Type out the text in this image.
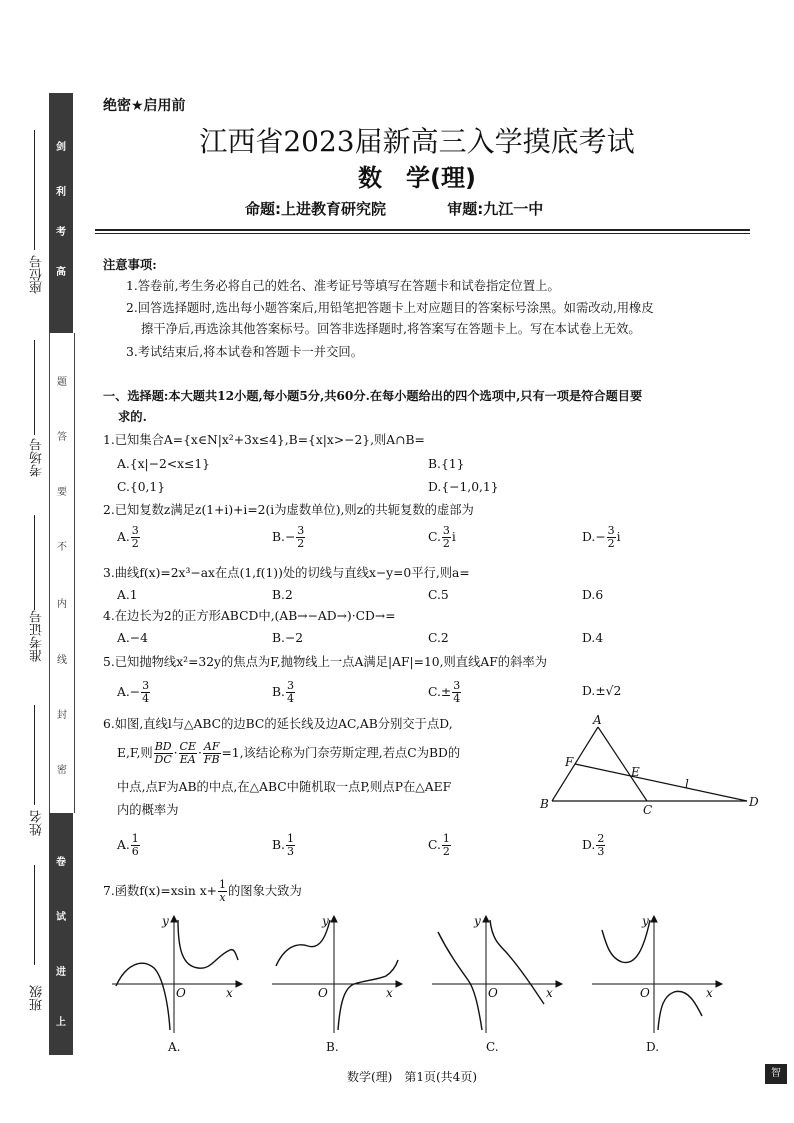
剑
利
考
高
题
答
要
不
内
线
封
密
卷
试
进
上
座位号
考场号
准考证号
姓名
班级
绝密★启用前
江西省2023届新高三入学摸底考试
数　学(理)
命题:上进教育研究院	审题:九江一中
注意事项:
1.答卷前,考生务必将自己的姓名、准考证号等填写在答题卡和试卷指定位置上。
2.回答选择题时,选出每小题答案后,用铅笔把答题卡上对应题目的答案标号涂黑。如需改动,用橡皮
擦干净后,再选涂其他答案标号。回答非选择题时,将答案写在答题卡上。写在本试卷上无效。
3.考试结束后,将本试卷和答题卡一并交回。
一、选择题:本大题共12小题,每小题5分,共60分.在每小题给出的四个选项中,只有一项是符合题目要
求的.
1.已知集合A={x∈N|x²+3x≤4},B={x|x>−2},则A∩B=
A.{x|−2<x≤1}	B.{1}
C.{0,1}	D.{−1,0,1}
2.已知复数z满足z(1+i)+i=2(i为虚数单位),则z的共轭复数的虚部为
A. $\frac{3}{2}$	$B.- \frac{3}{2}$	C. $\frac{3}{2}$ i	$D.- \frac{3}{2}$ i
3.曲线f(x)=2x³−ax在点(1,f(1))处的切线与直线x−y=0平行,则a=
A.1	B.2	C.5	D.6
4.在边长为2的正方形ABCD中,(AB→−AD→)·CD→=
A.−4	B.−2	C.2	D.4
5.已知抛物线x²=32y的焦点为F,抛物线上一点A满足|AF|=10,则直线AF的斜率为
$A.- \frac{3}{4}$	B. $\frac{3}{4}$	$C.\pm \frac{3}{4}$	D.±√2
6.如图,直线l与△ABC的边BC的延长线及边AC,AB分别交于点D,
E,F,则 $\frac{BD}{DC} \cdot \frac{CE}{EA} \cdot \frac{AF}{FB} =1$,该结论称为门奈劳斯定理,若点C为BD的
中点,点F为AB的中点,在△ABC中随机取一点P,则点P在△AEF
内的概率为
A
B	C
D
E
F
l
A. $\frac{1}{6}$	B. $\frac{1}{3}$	C. $\frac{1}{2}$	D. $\frac{2}{3}$
7.函数f(x)=xsin $x+ \frac{1}{x}$ 的图象大致为
y
x
O
A.
y
x
O
B.
y
x
O
C.
y
x
O
D.
数学(理)　第1页(共4页)	智
